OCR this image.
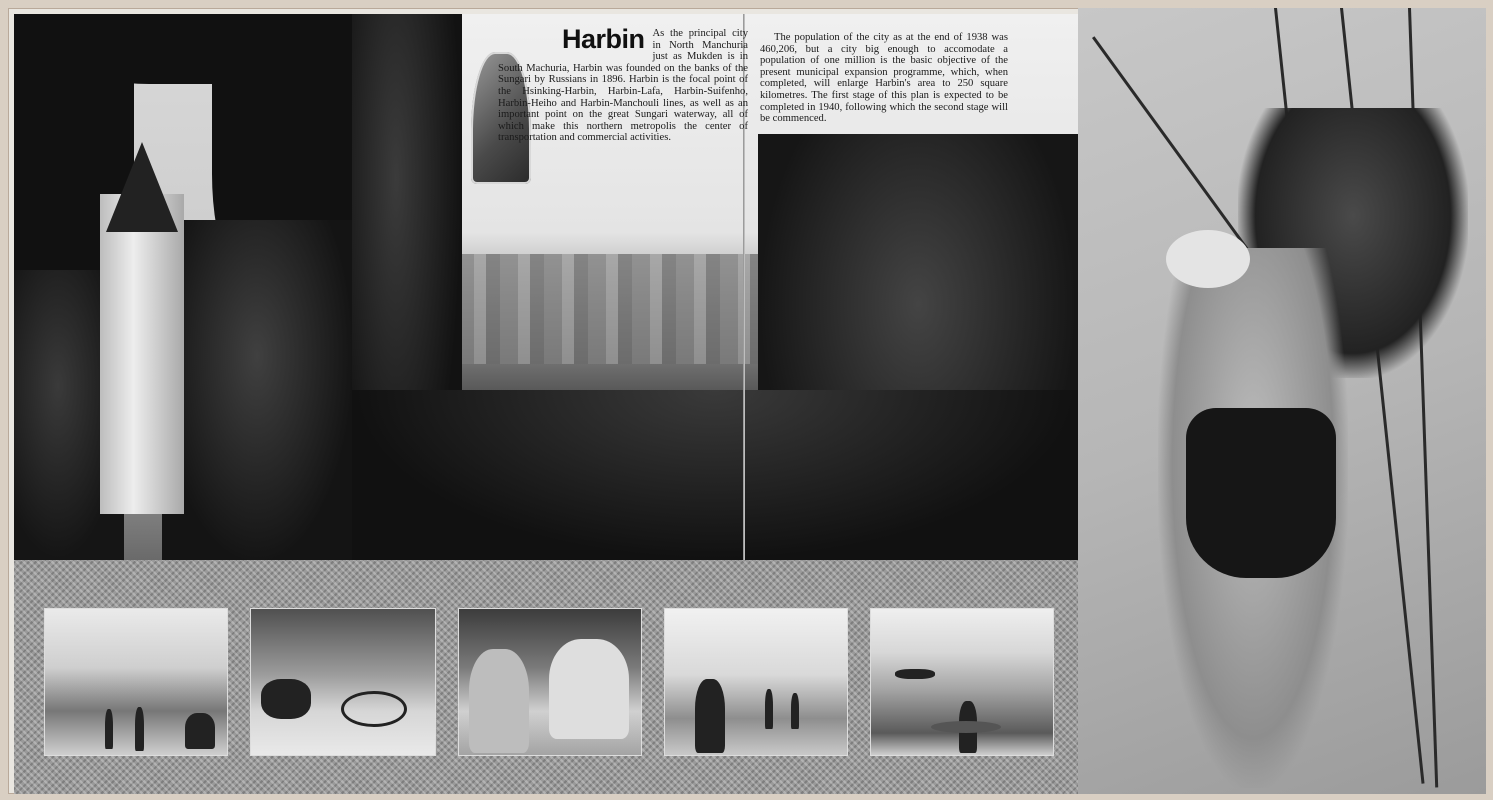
Harbin As the principal city in North Manchuria just as Mukden is in South Machuria, Harbin was founded on the banks of the Sungari by Russians in 1896. Harbin is the focal point of the Hsinking-Harbin, Harbin-Lafa, Harbin-Suifenho, Harbin-Heiho and Harbin-Manchouli lines, as well as an important point on the great Sungari waterway, all of which make this northern metropolis the center of transportation and commercial activities.
The population of the city as at the end of 1938 was 460,206, but a city big enough to accomodate a population of one million is the basic objective of the present municipal expansion programme, which, when completed, will enlarge Harbin's area to 250 square kilometres. The first stage of this plan is expected to be completed in 1940, following which the second stage will be commenced.
